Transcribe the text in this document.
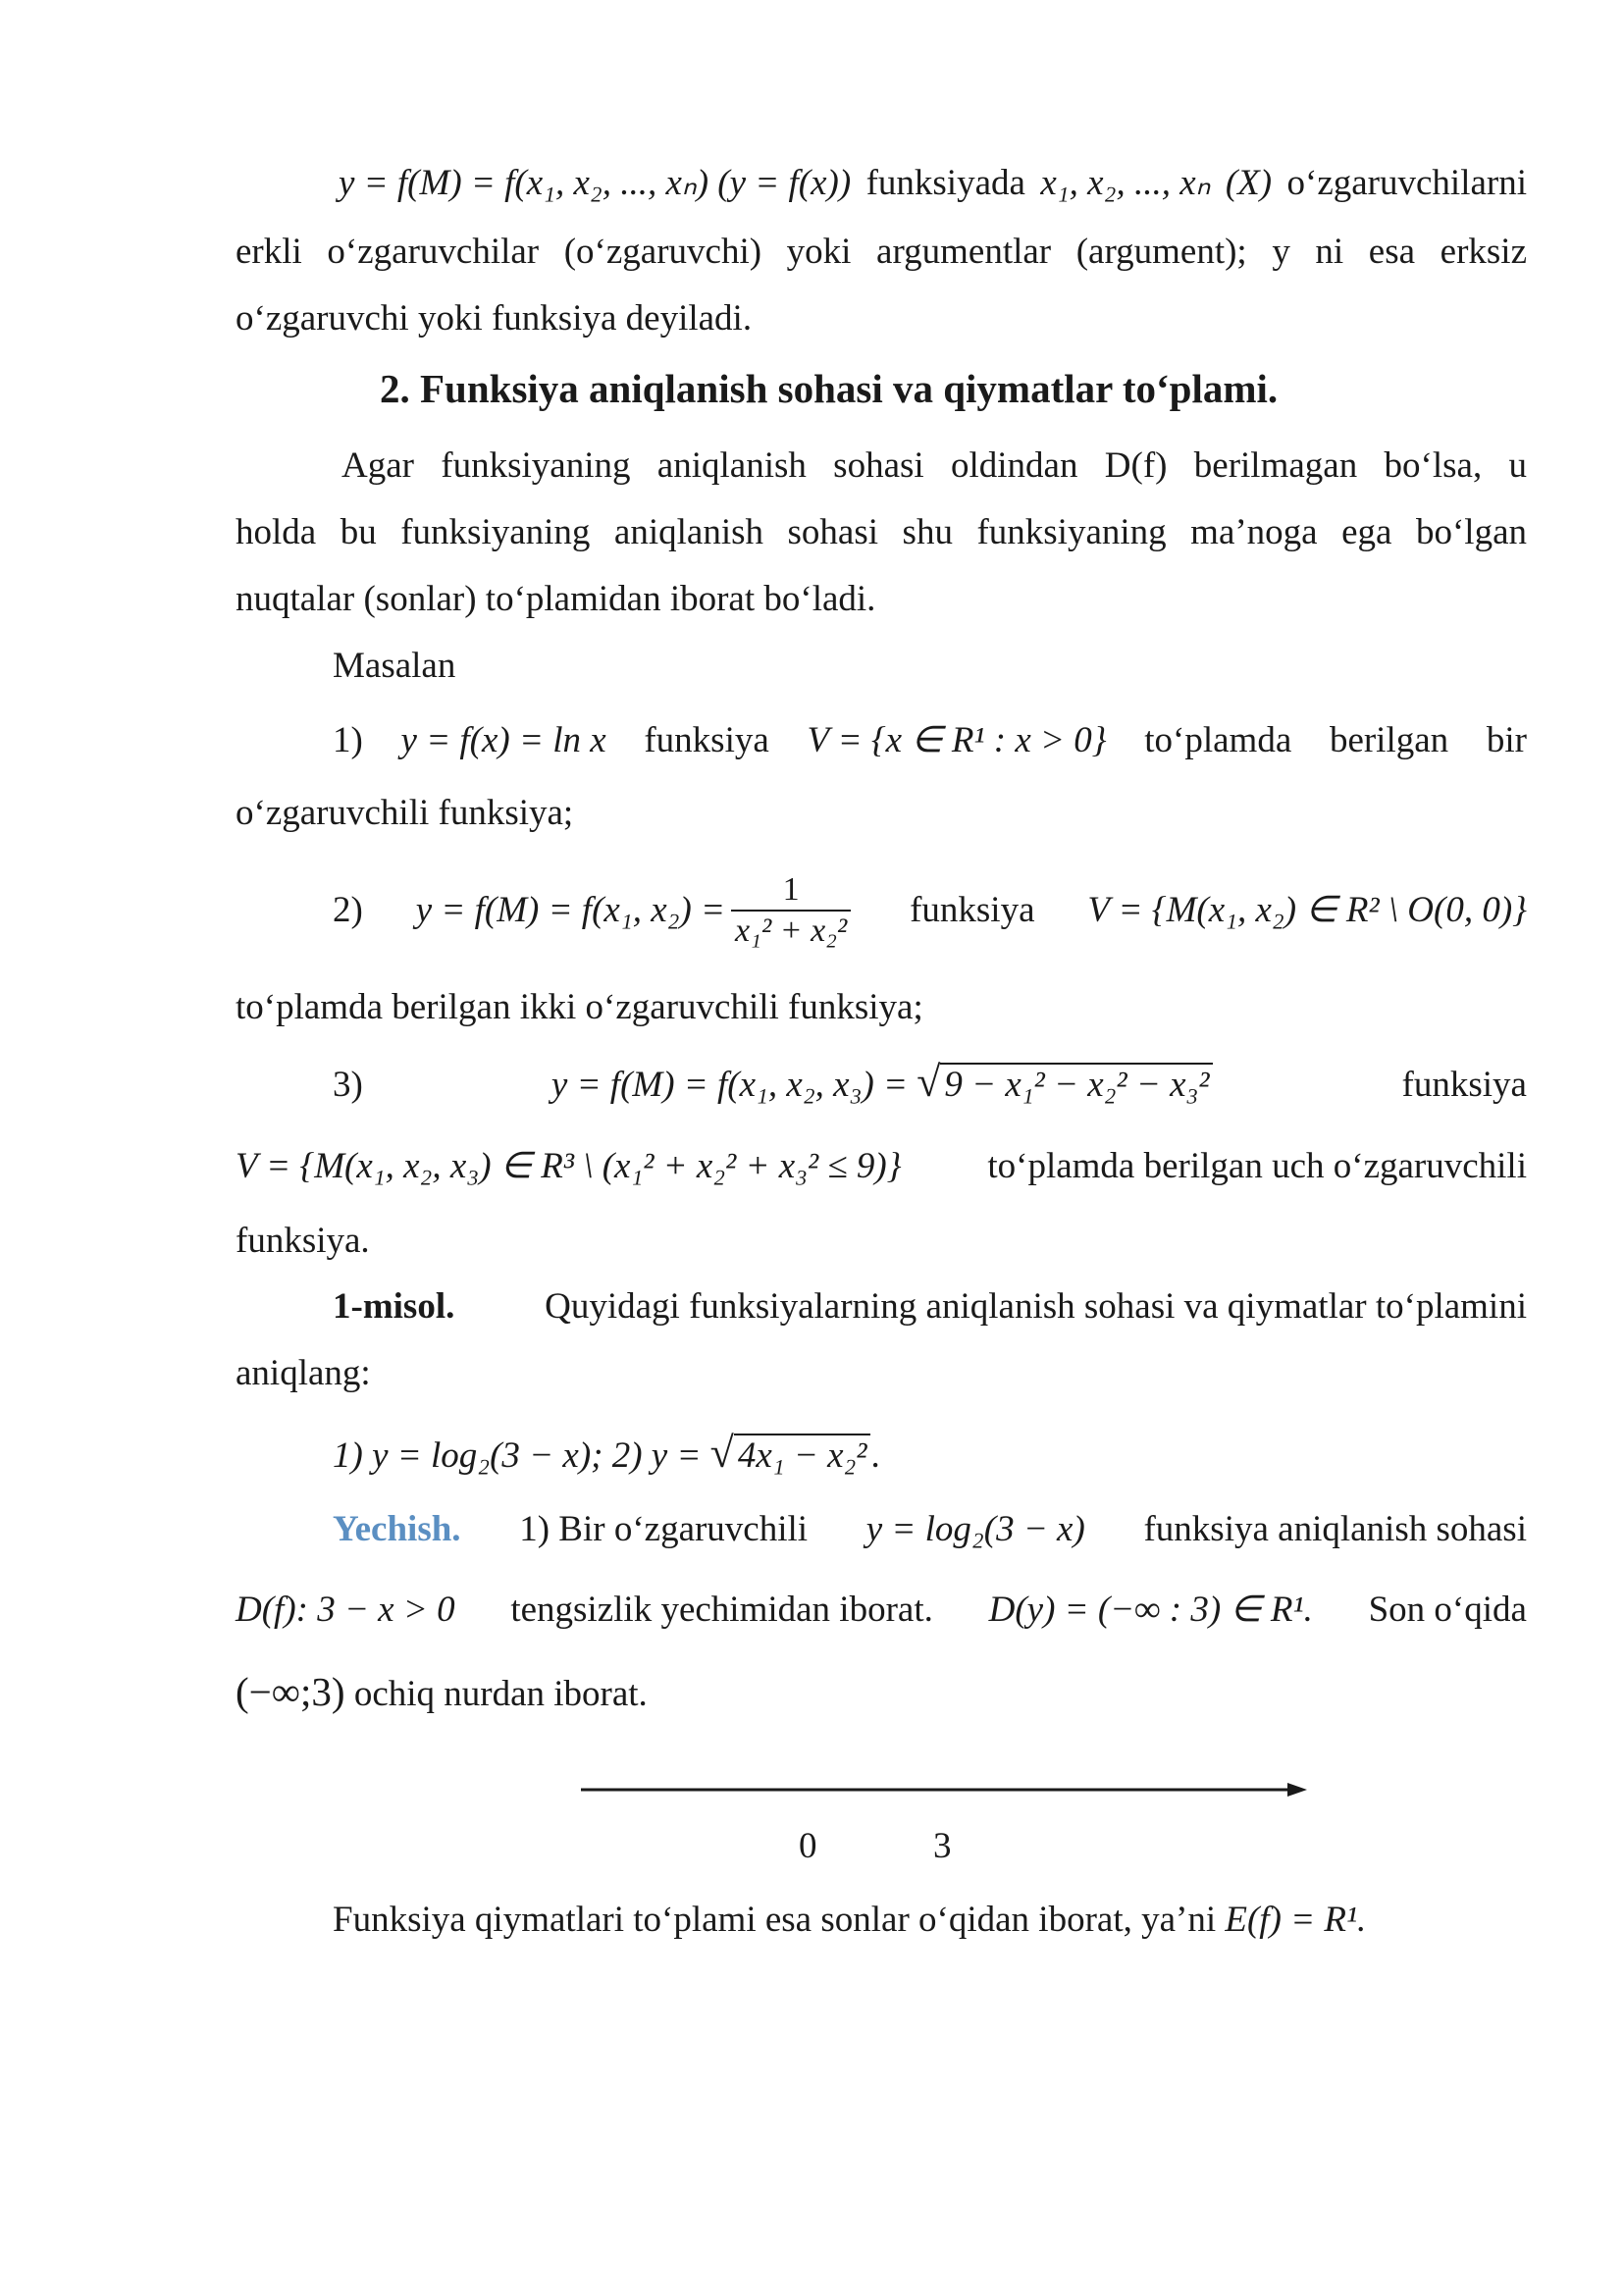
y = f(M) = f(x₁, x₂, ..., xₙ) (y = f(x)) funksiyada x₁, x₂, ..., xₙ (X) o‘zgaruvchilarni
erkli o‘zgaruvchilar (o‘zgaruvchi) yoki argumentlar (argument); y ni esa erksiz
o‘zgaruvchi yoki funksiya deyiladi.
2. Funksiya aniqlanish sohasi va qiymatlar to‘plami.
Agar funksiyaning aniqlanish sohasi oldindan D(f) berilmagan bo‘lsa, u
holda bu funksiyaning aniqlanish sohasi shu funksiyaning ma’noga ega bo‘lgan
nuqtalar (sonlar) to‘plamidan iborat bo‘ladi.
Masalan
1) y = f(x) = ln x funksiya V = {x ∈ R¹ : x > 0} to‘plamda berilgan bir
o‘zgaruvchili funksiya;
2) y = f(M) = f(x₁, $x_2) = \frac{1}{\text{x₁² + x₂²}}$ funksiya V = {M(x₁, x₂) ∈ R² \ O(0, 0)}
to‘plamda berilgan ikki o‘zgaruvchili funksiya;
3)	y = f(M) = f(x₁, x₂, x₃) = √ 9 − x₁² − x₂² − x₃²	funksiya
V = {M(x₁, x₂, x₃) ∈ R³ \ (x₁² + x₂² + x₃² ≤ 9)} to‘plamda berilgan uch o‘zgaruvchili
funksiya.
1-misol. Quyidagi funksiyalarning aniqlanish sohasi va qiymatlar to‘plamini
aniqlang:
1) y = log₂(3 − x); 2) y = √ 4x₁ − x₂² .
Yechish. 1) Bir o‘zgaruvchili y = log₂(3 − x) funksiya aniqlanish sohasi
D(f): 3 − x > 0 tengsizlik yechimidan iborat. D(y) = (−∞ : 3) ∈ R¹. Son o‘qida
(−∞;3) ochiq nurdan iborat.
0	3
Funksiya qiymatlari to‘plami esa sonlar o‘qidan iborat, ya’ni E(f) = R¹.
